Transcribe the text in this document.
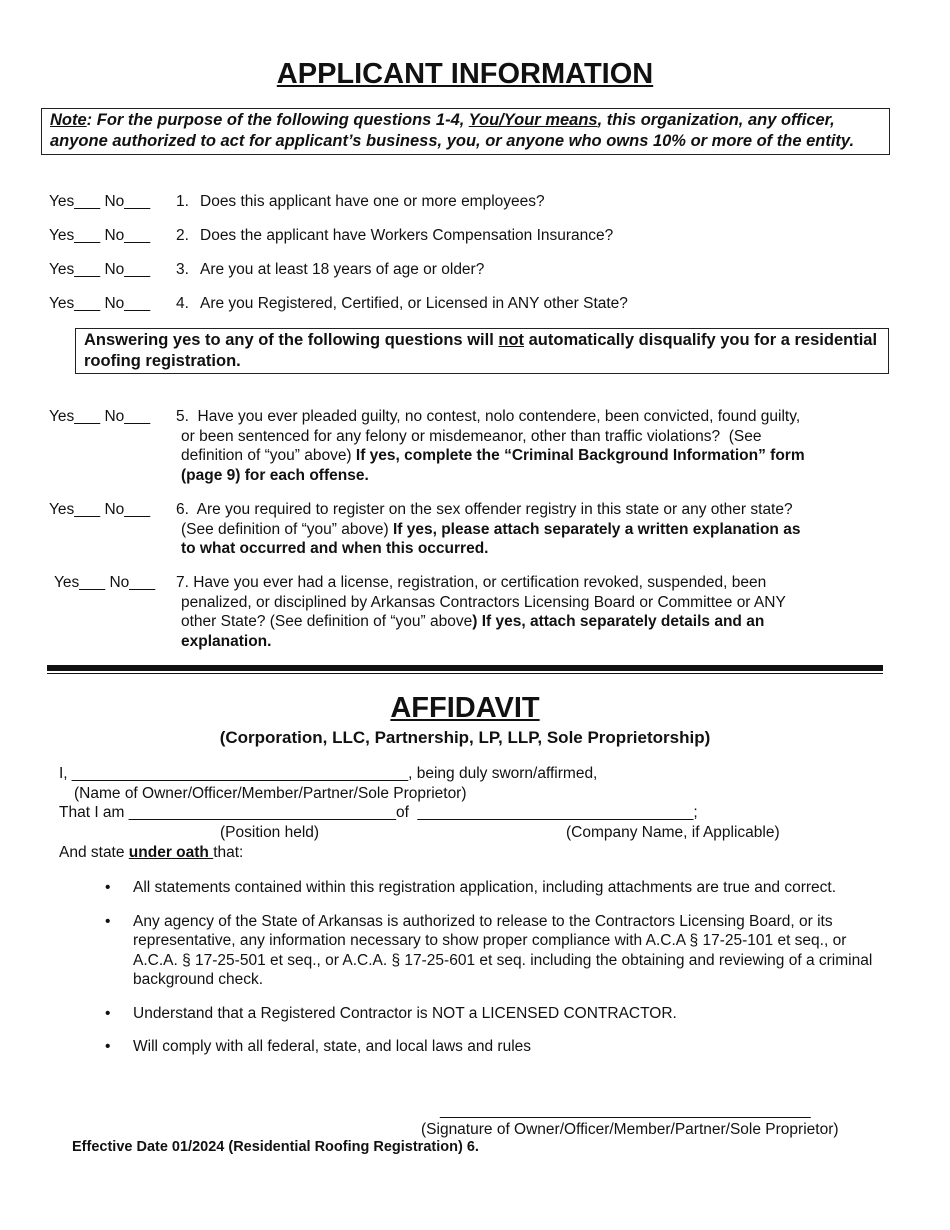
APPLICANT INFORMATION
Note: For the purpose of the following questions 1-4, You/Your means, this organization, any officer, anyone authorized to act for applicant’s business, you, or anyone who owns 10% or more of the entity.
Yes___ No___ 1. Does this applicant have one or more employees?
Yes___ No___ 2. Does the applicant have Workers Compensation Insurance?
Yes___ No___ 3. Are you at least 18 years of age or older?
Yes___ No___ 4. Are you Registered, Certified, or Licensed in ANY other State?
Answering yes to any of the following questions will not automatically disqualify you for a residential roofing registration.
Yes___ No___ 5.  Have you ever pleaded guilty, no contest, nolo contendere, been convicted, found guilty,
or been sentenced for any felony or misdemeanor, other than traffic violations?  (See
definition of “you” above) If yes, complete the “Criminal Background Information” form
(page 9) for each offense.
Yes___ No___ 6.  Are you required to register on the sex offender registry in this state or any other state?
(See definition of “you” above) If yes, please attach separately a written explanation as
to what occurred and when this occurred.
Yes___ No___ 7. Have you ever had a license, registration, or certification revoked, suspended, been
penalized, or disciplined by Arkansas Contractors Licensing Board or Committee or ANY
other State? (See definition of “you” above) If yes, attach separately details and an
explanation.
AFFIDAVIT
(Corporation, LLC, Partnership, LP, LLP, Sole Proprietorship)
I, _______________________________________, being duly sworn/affirmed,
(Name of Owner/Officer/Member/Partner/Sole Proprietor)
That I am _______________________________of  ________________________________;
(Position held)	(Company Name, if Applicable)
And state under oath that:
• All statements contained within this registration application, including attachments are true and correct.
• Any agency of the State of Arkansas is authorized to release to the Contractors Licensing Board, or its representative, any information necessary to show proper compliance with A.C.A § 17-25-101 et seq., or A.C.A. § 17-25-501 et seq., or A.C.A. § 17-25-601 et seq. including the obtaining and reviewing of a criminal background check.
• Understand that a Registered Contractor is NOT a LICENSED CONTRACTOR.
• Will comply with all federal, state, and local laws and rules
___________________________________________
(Signature of Owner/Officer/Member/Partner/Sole Proprietor)
Effective Date 01/2024 (Residential Roofing Registration) 6.
